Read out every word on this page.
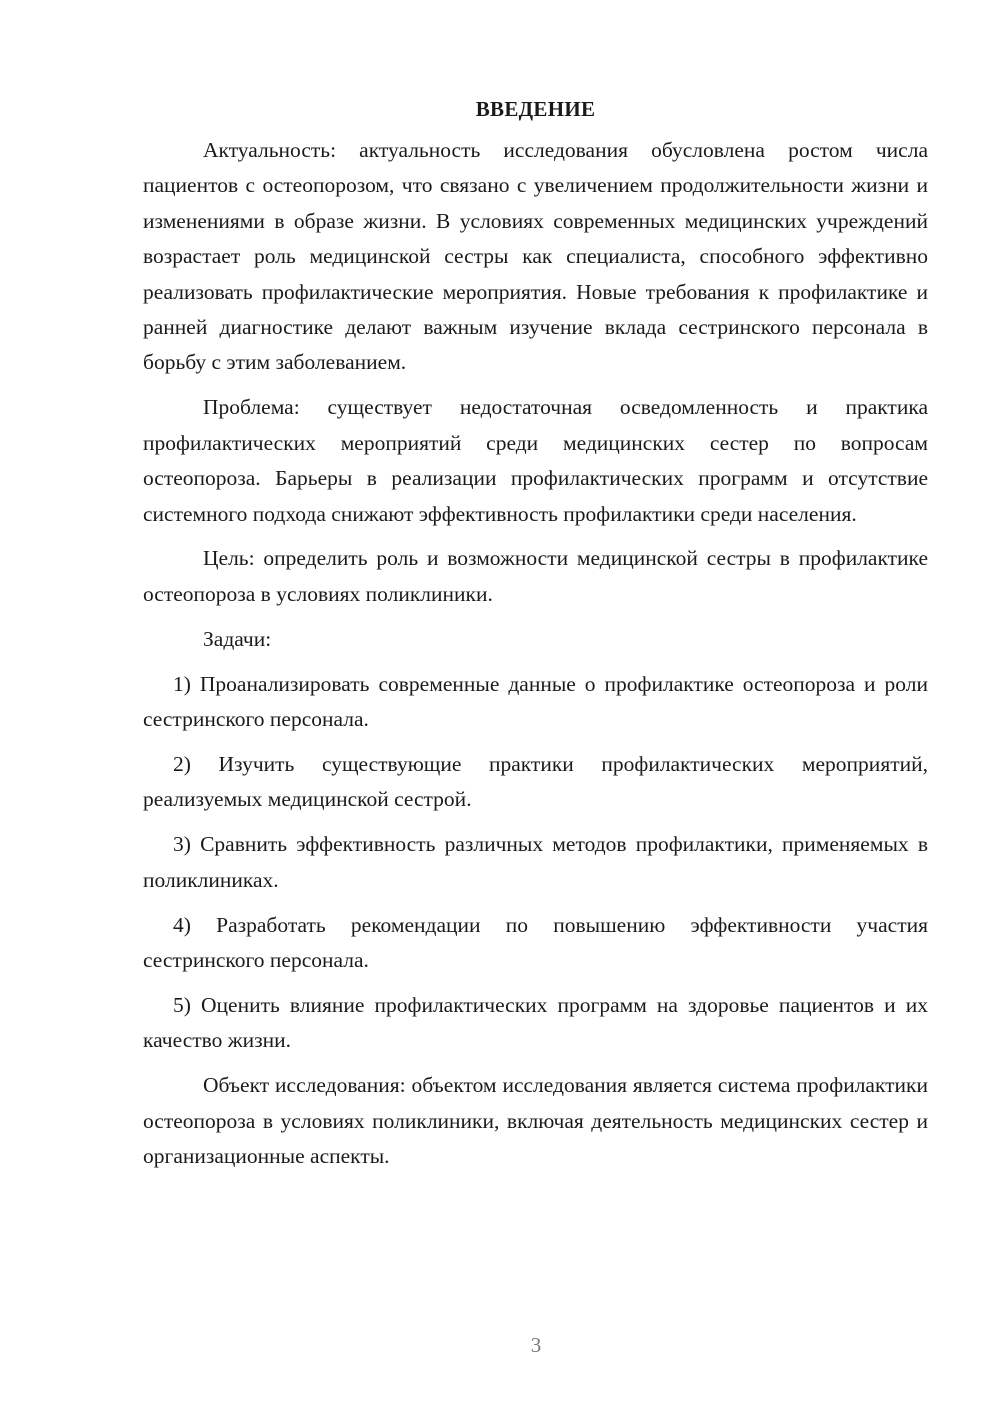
ВВЕДЕНИЕ

Актуальность: актуальность исследования обусловлена ростом числа пациентов с остеопорозом, что связано с увеличением продолжительности жизни и изменениями в образе жизни. В условиях современных медицинских учреждений возрастает роль медицинской сестры как специалиста, способного эффективно реализовать профилактические мероприятия. Новые требования к профилактике и ранней диагностике делают важным изучение вклада сестринского персонала в борьбу с этим заболеванием.

Проблема: существует недостаточная осведомленность и практика профилактических мероприятий среди медицинских сестер по вопросам остеопороза. Барьеры в реализации профилактических программ и отсутствие системного подхода снижают эффективность профилактики среди населения.

Цель: определить роль и возможности медицинской сестры в профилактике остеопороза в условиях поликлиники.

Задачи:

1) Проанализировать современные данные о профилактике остеопороза и роли сестринского персонала.

2) Изучить существующие практики профилактических мероприятий, реализуемых медицинской сестрой.

3) Сравнить эффективность различных методов профилактики, применяемых в поликлиниках.

4) Разработать рекомендации по повышению эффективности участия сестринского персонала.

5) Оценить влияние профилактических программ на здоровье пациентов и их качество жизни.

Объект исследования: объектом исследования является система профилактики остеопороза в условиях поликлиники, включая деятельность медицинских сестер и организационные аспекты.

3
